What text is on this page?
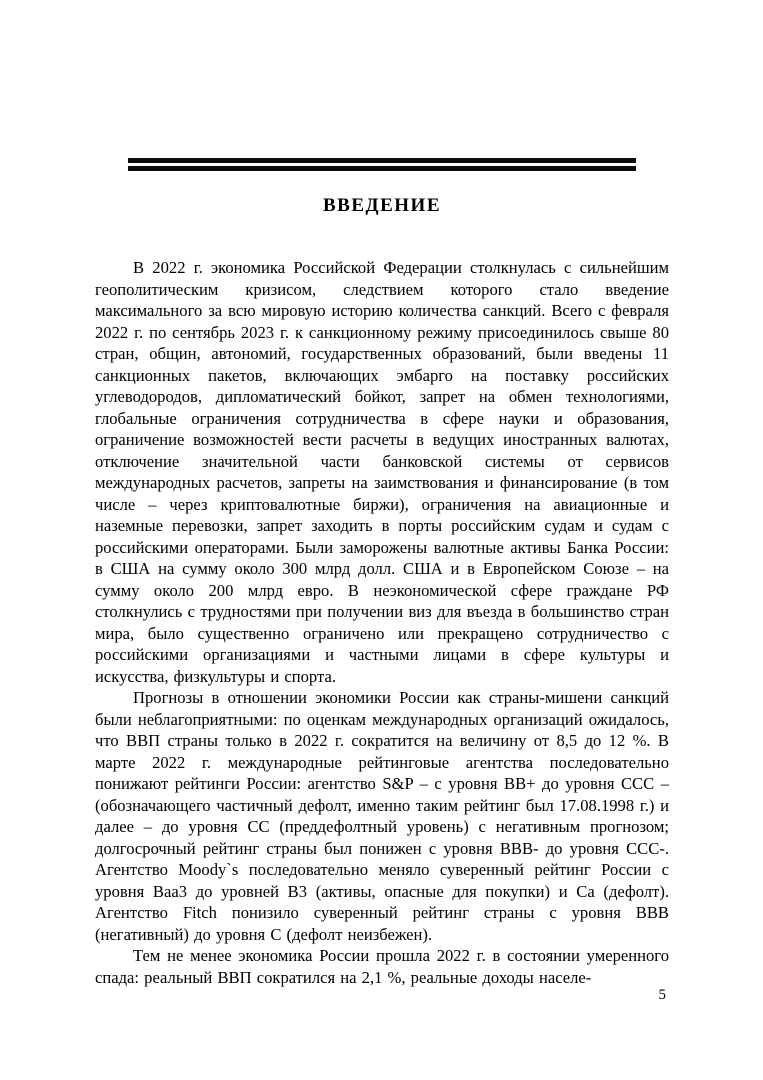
ВВЕДЕНИЕ

В 2022 г. экономика Российской Федерации столкнулась с сильнейшим геополитическим кризисом, следствием которого стало введение максимального за всю мировую историю количества санкций. Всего с февраля 2022 г. по сентябрь 2023 г. к санкционному режиму присоединилось свыше 80 стран, общин, автономий, государственных образований, были введены 11 санкционных пакетов, включающих эмбарго на поставку российских углеводородов, дипломатический бойкот, запрет на обмен технологиями, глобальные ограничения сотрудничества в сфере науки и образования, ограничение возможностей вести расчеты в ведущих иностранных валютах, отключение значительной части банковской системы от сервисов международных расчетов, запреты на заимствования и финансирование (в том числе – через криптовалютные биржи), ограничения на авиационные и наземные перевозки, запрет заходить в порты российским судам и судам с российскими операторами. Были заморожены валютные активы Банка России: в США на сумму около 300 млрд долл. США и в Европейском Союзе – на сумму около 200 млрд евро. В неэкономической сфере граждане РФ столкнулись с трудностями при получении виз для въезда в большинство стран мира, было существенно ограничено или прекращено сотрудничество с российскими организациями и частными лицами в сфере культуры и искусства, физкультуры и спорта.

Прогнозы в отношении экономики России как страны-мишени санкций были неблагоприятными: по оценкам международных организаций ожидалось, что ВВП страны только в 2022 г. сократится на величину от 8,5 до 12 %. В марте 2022 г. международные рейтинговые агентства последовательно понижают рейтинги России: агентство S&P – с уровня BB+ до уровня CCC – (обозначающего частичный дефолт, именно таким рейтинг был 17.08.1998 г.) и далее – до уровня CC (преддефолтный уровень) с негативным прогнозом; долгосрочный рейтинг страны был понижен с уровня BBB- до уровня CCC-. Агентство Moody`s последовательно меняло суверенный рейтинг России с уровня Baa3 до уровней B3 (активы, опасные для покупки) и Ca (дефолт). Агентство Fitch понизило суверенный рейтинг страны с уровня BBB (негативный) до уровня C (дефолт неизбежен).

Тем не менее экономика России прошла 2022 г. в состоянии умеренного спада: реальный ВВП сократился на 2,1 %, реальные доходы населе-

5
